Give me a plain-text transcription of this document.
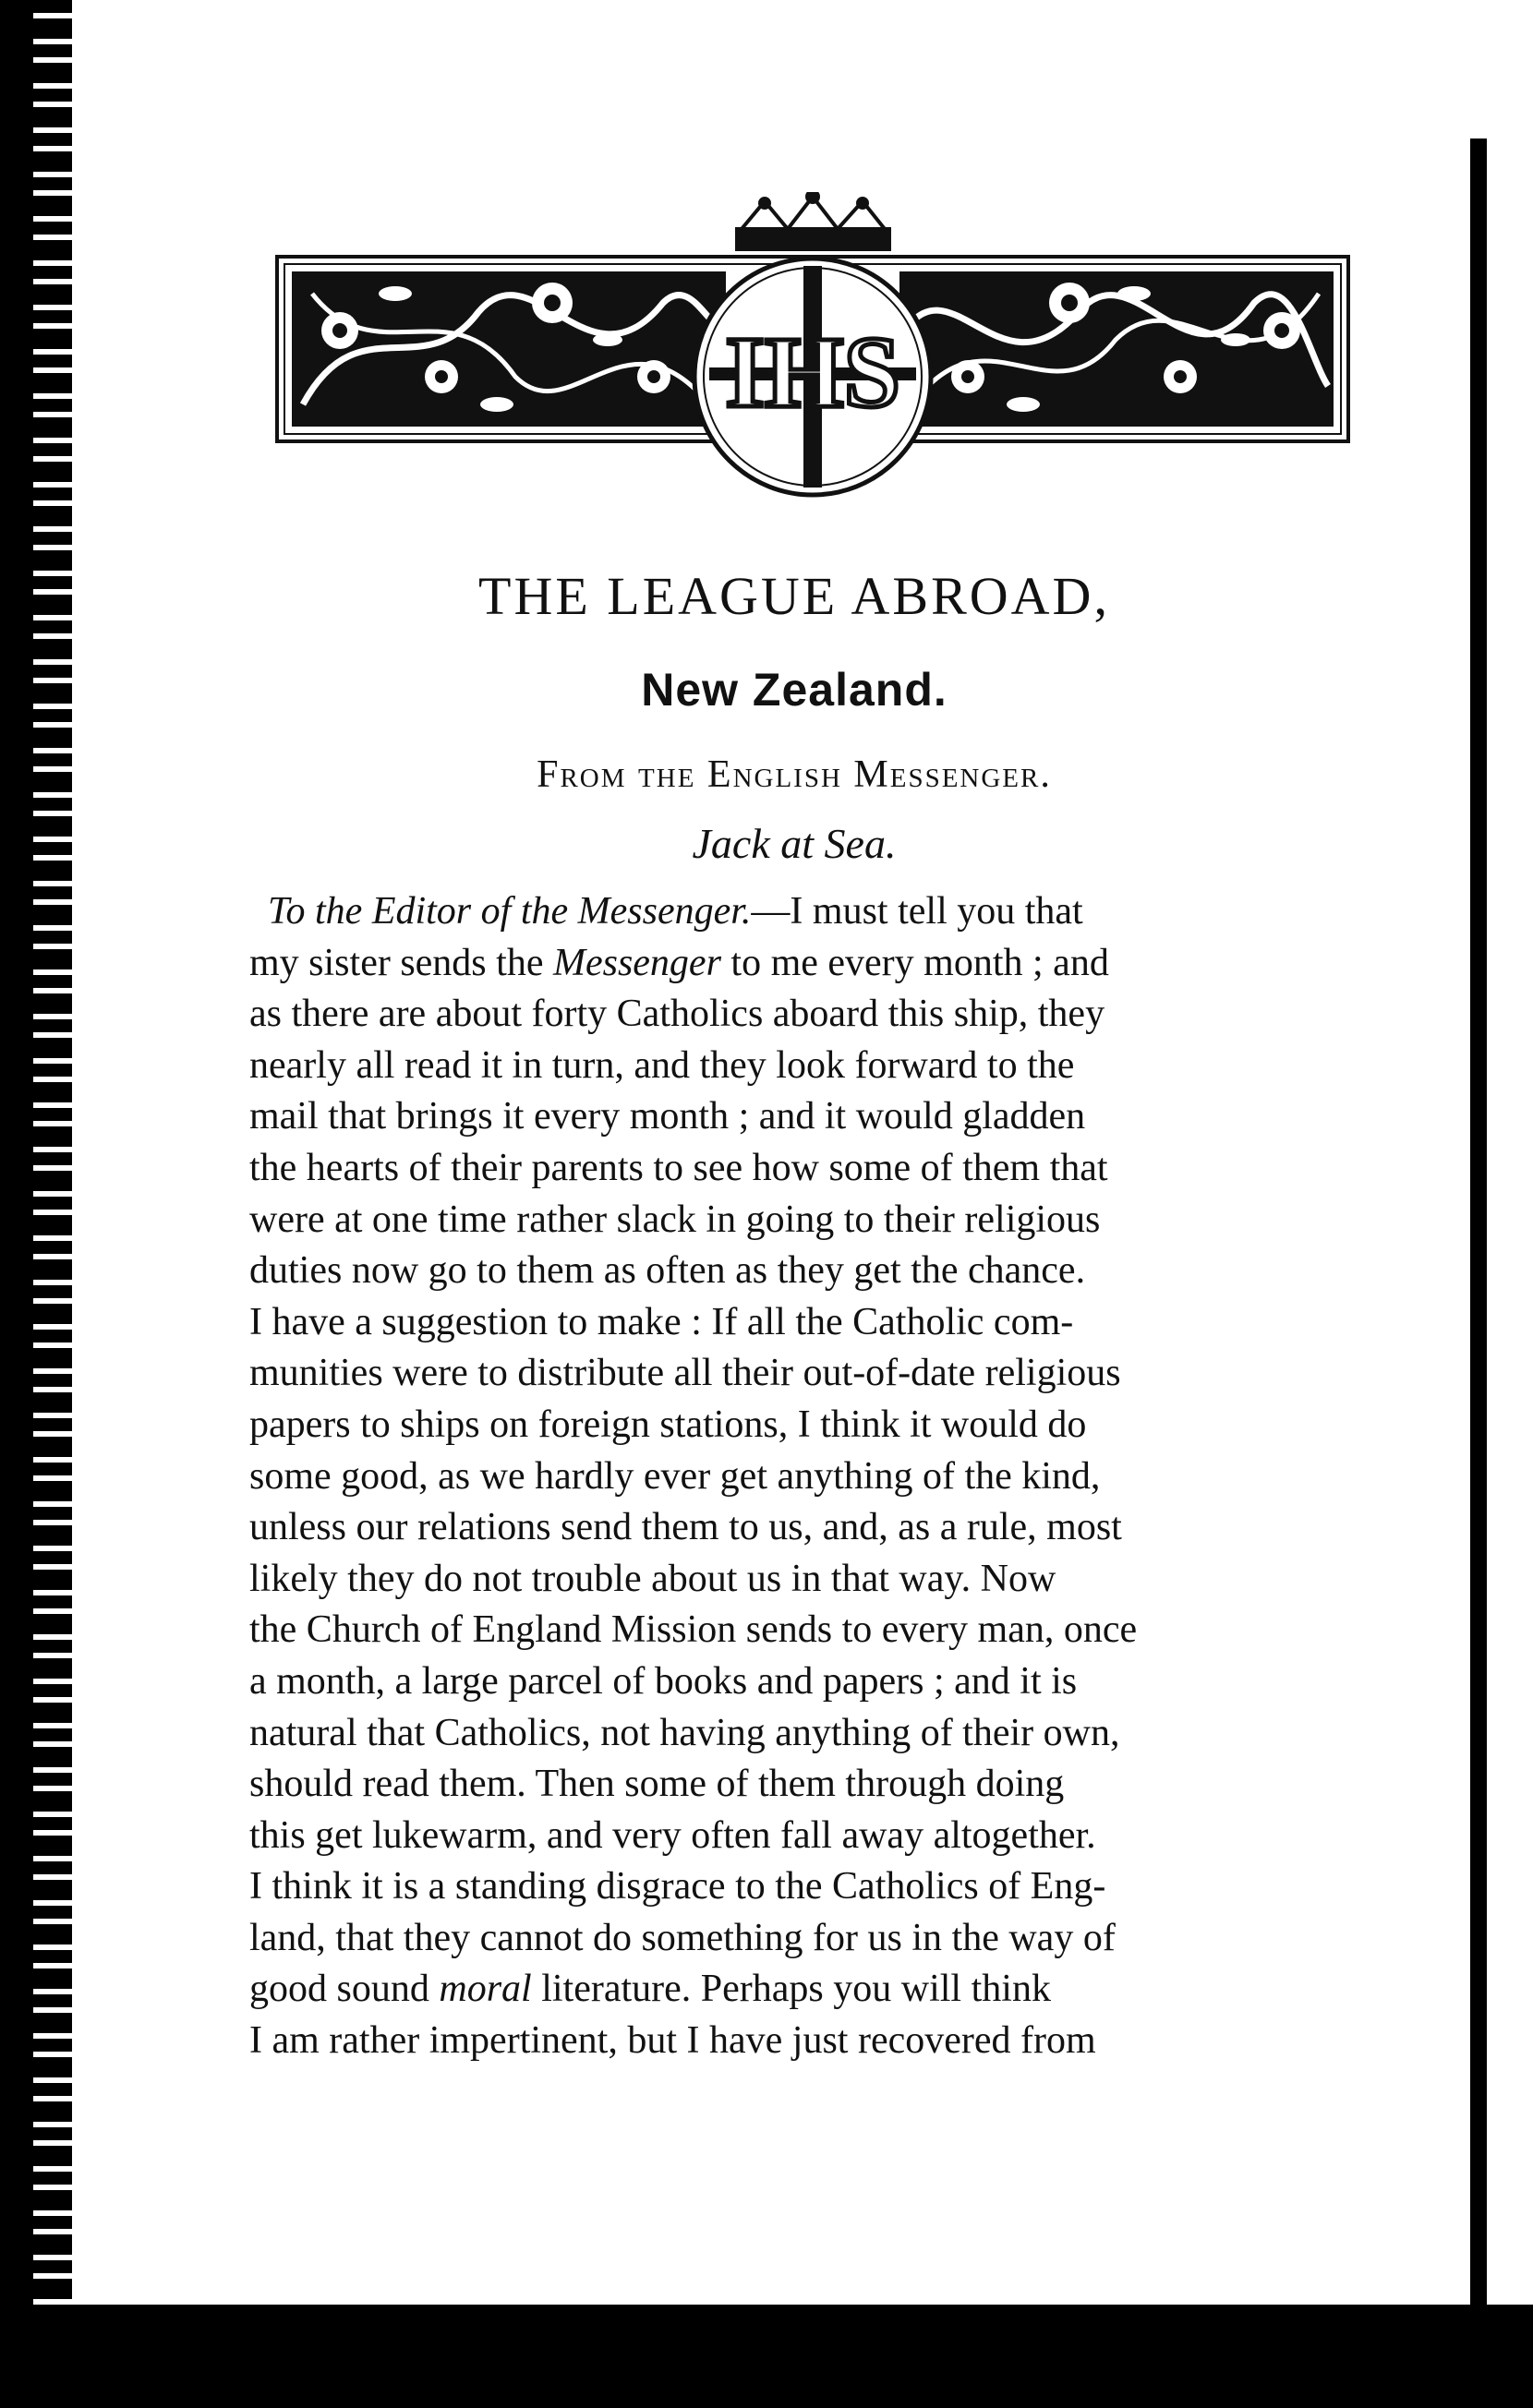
IHS
THE LEAGUE ABROAD,
New Zealand.
From the English Messenger.
Jack at Sea.
To the Editor of the Messenger.—I must tell you that
my sister sends the Messenger to me every month ; and
as there are about forty Catholics aboard this ship, they
nearly all read it in turn, and they look forward to the
mail that brings it every month ; and it would gladden
the hearts of their parents to see how some of them that
were at one time rather slack in going to their religious
duties now go to them as often as they get the chance.
I have a suggestion to make : If all the Catholic com-
munities were to distribute all their out-of-date religious
papers to ships on foreign stations, I think it would do
some good, as we hardly ever get anything of the kind,
unless our relations send them to us, and, as a rule, most
likely they do not trouble about us in that way. Now
the Church of England Mission sends to every man, once
a month, a large parcel of books and papers ; and it is
natural that Catholics, not having anything of their own,
should read them. Then some of them through doing
this get lukewarm, and very often fall away altogether.
I think it is a standing disgrace to the Catholics of Eng-
land, that they cannot do something for us in the way of
good sound moral literature. Perhaps you will think
I am rather impertinent, but I have just recovered from
